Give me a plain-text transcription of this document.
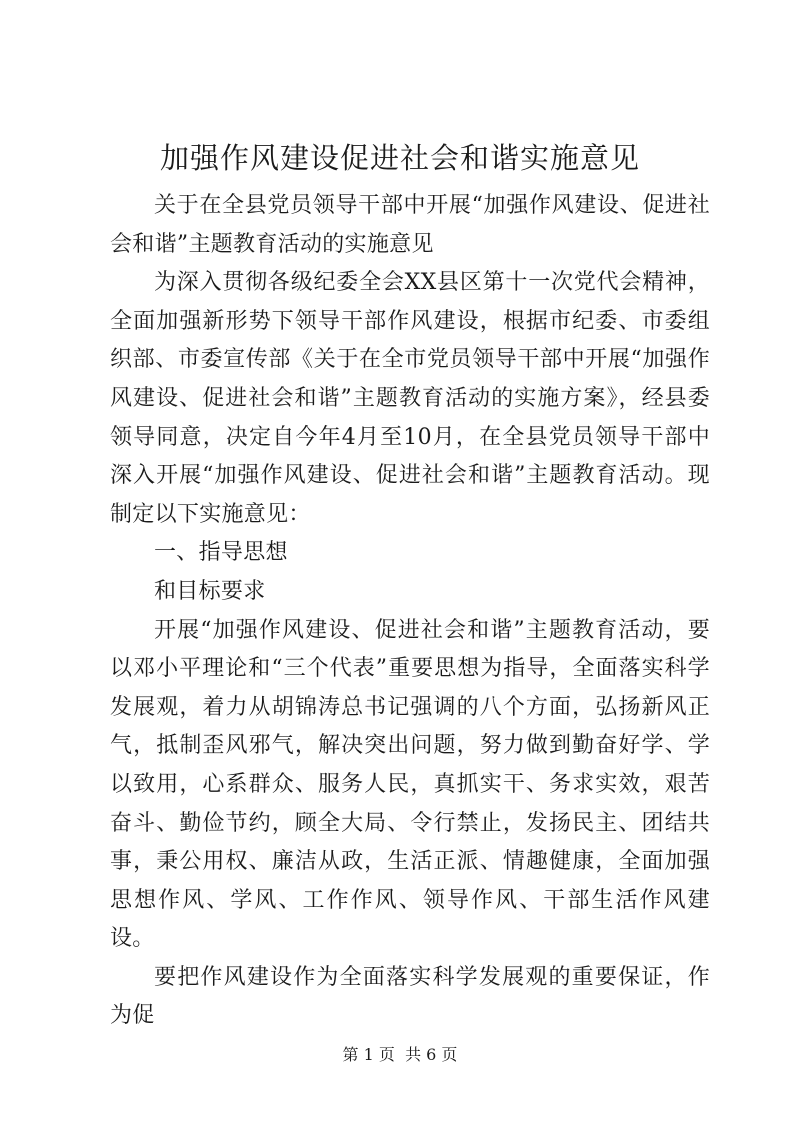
加强作风建设促进社会和谐实施意见

关于在全县党员领导干部中开展“加强作风建设、促进社会和谐”主题教育活动的实施意见

为深入贯彻各级纪委全会XX县区第十一次党代会精神，全面加强新形势下领导干部作风建设，根据市纪委、市委组织部、市委宣传部《关于在全市党员领导干部中开展“加强作风建设、促进社会和谐”主题教育活动的实施方案》，经县委领导同意，决定自今年4月至10月，在全县党员领导干部中深入开展“加强作风建设、促进社会和谐”主题教育活动。现制定以下实施意见：

一、指导思想

和目标要求

开展“加强作风建设、促进社会和谐”主题教育活动，要以邓小平理论和“三个代表”重要思想为指导，全面落实科学发展观，着力从胡锦涛总书记强调的八个方面，弘扬新风正气，抵制歪风邪气，解决突出问题，努力做到勤奋好学、学以致用，心系群众、服务人民，真抓实干、务求实效，艰苦奋斗、勤俭节约，顾全大局、令行禁止，发扬民主、团结共事，秉公用权、廉洁从政，生活正派、情趣健康，全面加强思想作风、学风、工作作风、领导作风、干部生活作风建设。

要把作风建设作为全面落实科学发展观的重要保证，作为促

第 1 页  共 6 页
